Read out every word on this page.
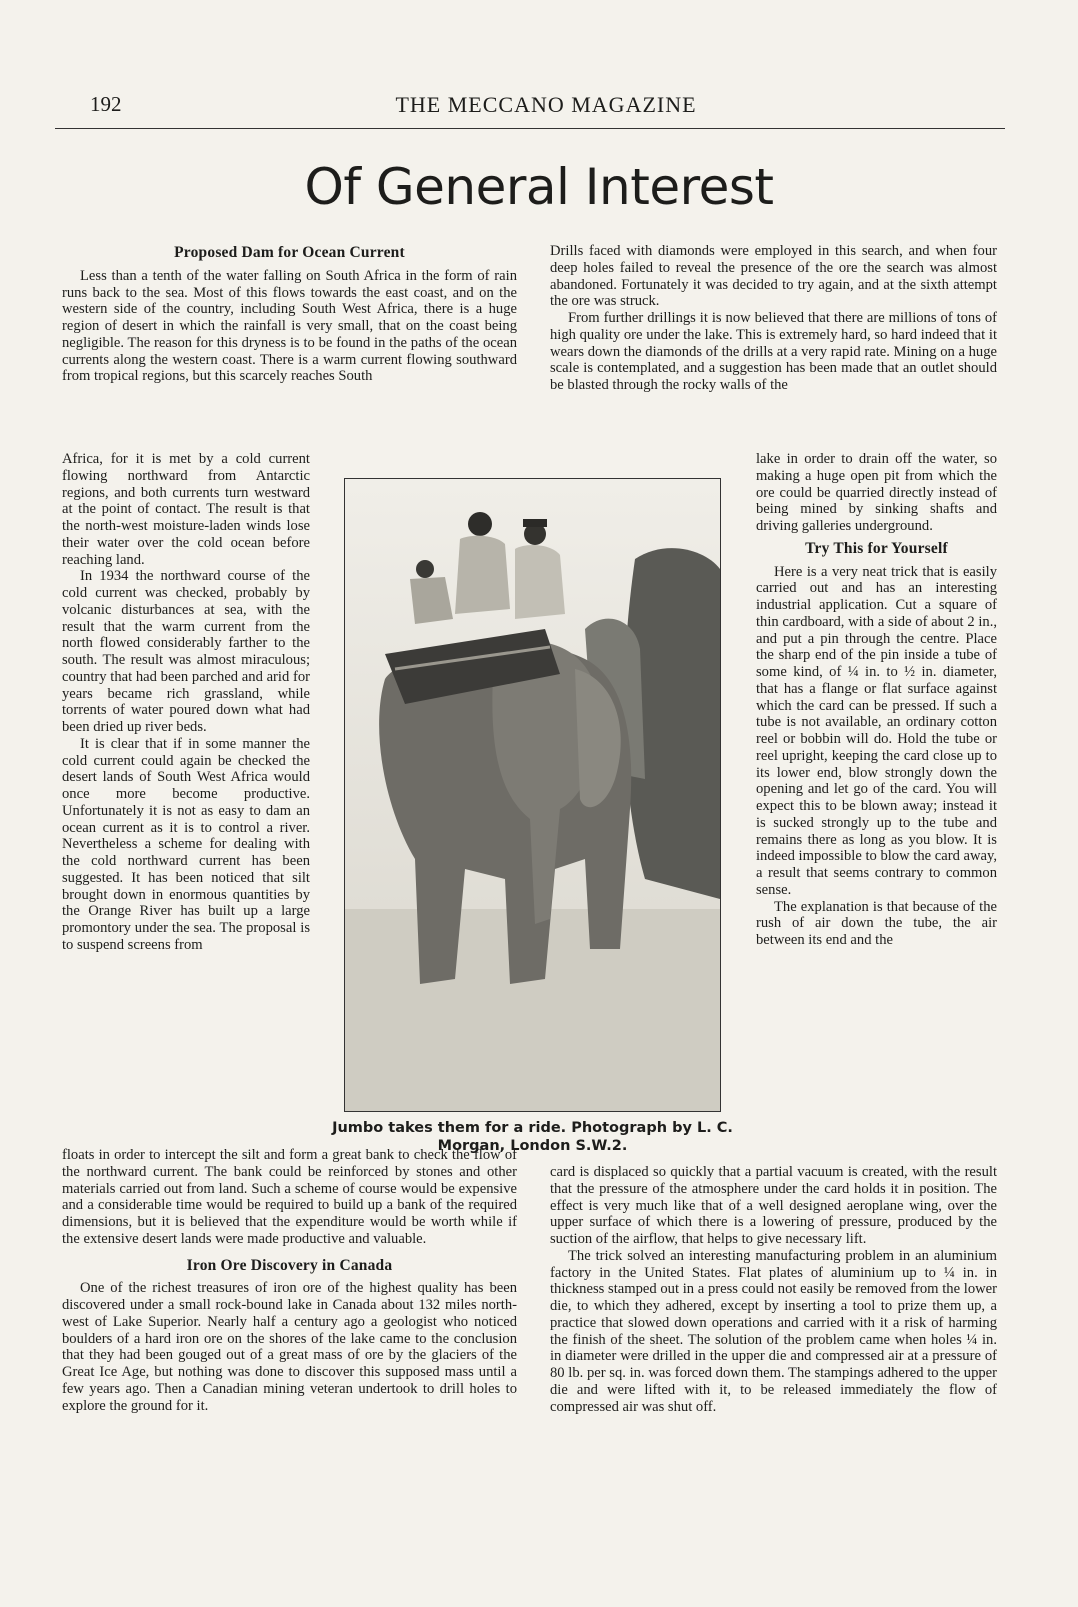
192	THE MECCANO MAGAZINE
Of General Interest
Proposed Dam for Ocean Current

Less than a tenth of the water falling on South Africa in the form of rain runs back to the sea. Most of this flows towards the east coast, and on the western side of the country, including South West Africa, there is a huge region of desert in which the rainfall is very small, that on the coast being negligible. The reason for this dryness is to be found in the paths of the ocean currents along the western coast. There is a warm current flowing southward from tropical regions, but this scarcely reaches South

Africa, for it is met by a cold current flowing northward from Antarctic regions, and both currents turn westward at the point of contact. The result is that the north-west moisture-laden winds lose their water over the cold ocean before reaching land.

In 1934 the northward course of the cold current was checked, probably by volcanic disturbances at sea, with the result that the warm current from the north flowed considerably farther to the south. The result was almost miraculous; country that had been parched and arid for years became rich grassland, while torrents of water poured down what had been dried up river beds.

It is clear that if in some manner the cold current could again be checked the desert lands of South West Africa would once more become productive. Unfortunately it is not as easy to dam an ocean current as it is to control a river. Nevertheless a scheme for dealing with the cold northward current has been suggested. It has been noticed that silt brought down in enormous quantities by the Orange River has built up a large promontory under the sea. The proposal is to suspend screens from

floats in order to intercept the silt and form a great bank to check the flow of the northward current. The bank could be reinforced by stones and other materials carried out from land. Such a scheme of course would be expensive and a considerable time would be required to build up a bank of the required dimensions, but it is believed that the expenditure would be worth while if the extensive desert lands were made productive and valuable.

Iron Ore Discovery in Canada

One of the richest treasures of iron ore of the highest quality has been discovered under a small rock-bound lake in Canada about 132 miles north-west of Lake Superior. Nearly half a century ago a geologist who noticed boulders of a hard iron ore on the shores of the lake came to the conclusion that they had been gouged out of a great mass of ore by the glaciers of the Great Ice Age, but nothing was done to discover this supposed mass until a few years ago. Then a Canadian mining veteran undertook to drill holes to explore the ground for it.

Drills faced with diamonds were employed in this search, and when four deep holes failed to reveal the presence of the ore the search was almost abandoned. Fortunately it was decided to try again, and at the sixth attempt the ore was struck.

From further drillings it is now believed that there are millions of tons of high quality ore under the lake. This is extremely hard, so hard indeed that it wears down the diamonds of the drills at a very rapid rate. Mining on a huge scale is contemplated, and a suggestion has been made that an outlet should be blasted through the rocky walls of the

lake in order to drain off the water, so making a huge open pit from which the ore could be quarried directly instead of being mined by sinking shafts and driving galleries underground.

Try This for Yourself

Here is a very neat trick that is easily carried out and has an interesting industrial application. Cut a square of thin cardboard, with a side of about 2 in., and put a pin through the centre. Place the sharp end of the pin inside a tube of some kind, of ¼ in. to ½ in. diameter, that has a flange or flat surface against which the card can be pressed. If such a tube is not available, an ordinary cotton reel or bobbin will do. Hold the tube or reel upright, keeping the card close up to its lower end, blow strongly down the opening and let go of the card. You will expect this to be blown away; instead it is sucked strongly up to the tube and remains there as long as you blow. It is indeed impossible to blow the card away, a result that seems contrary to common sense.

The explanation is that because of the rush of air down the tube, the air between its end and the

card is displaced so quickly that a partial vacuum is created, with the result that the pressure of the atmosphere under the card holds it in position. The effect is very much like that of a well designed aeroplane wing, over the upper surface of which there is a lowering of pressure, produced by the suction of the airflow, that helps to give necessary lift.

The trick solved an interesting manufacturing problem in an aluminium factory in the United States. Flat plates of aluminium up to ¼ in. in thickness stamped out in a press could not easily be removed from the lower die, to which they adhered, except by inserting a tool to prize them up, a practice that slowed down operations and carried with it a risk of harming the finish of the sheet. The solution of the problem came when holes ¼ in. in diameter were drilled in the upper die and compressed air at a pressure of 80 lb. per sq. in. was forced down them. The stampings adhered to the upper die and were lifted with it, to be released immediately the flow of compressed air was shut off.

Jumbo takes them for a ride. Photograph by L. C. Morgan, London S.W.2.
